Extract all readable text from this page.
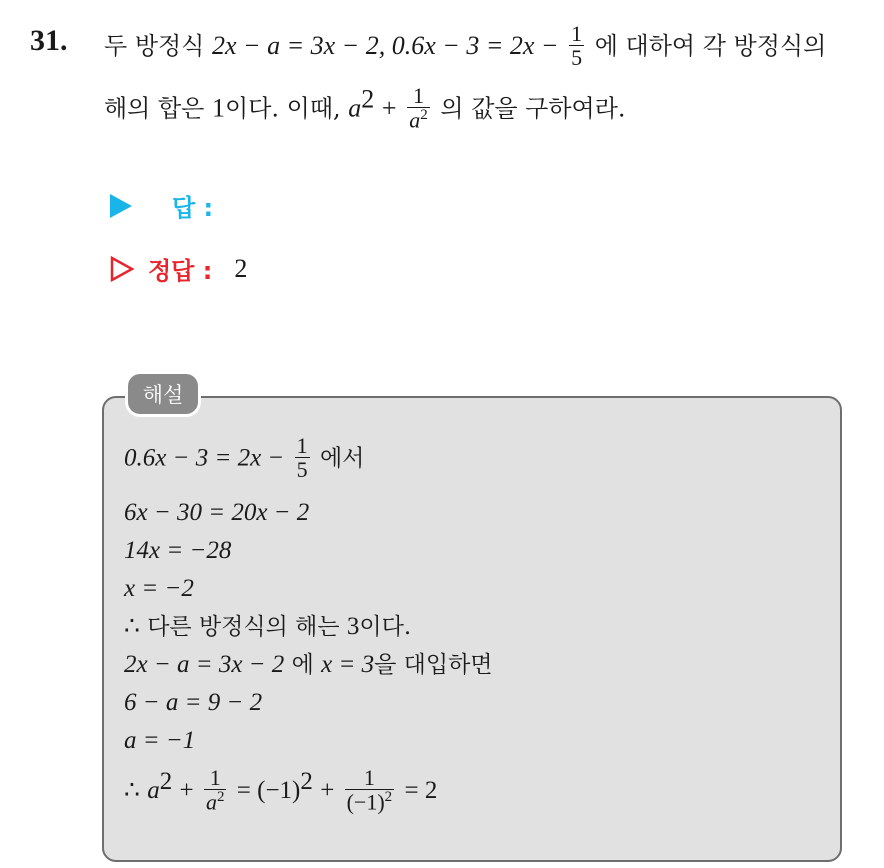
31. 두 방정식 2x − a = 3x − 2, $0.6x - 3 = 2x - \frac{1}{5}$ 에 대하여 각 방정식의
해의 합은 1이다. 이때, $a^2 + \frac{1}{a^2}$ 의 값을 구하여라.
답 :
정답 : 2
해설
$0.6x - 3 = 2x - \frac{1}{5}$ 에서
6x − 30 = 20x − 2
14x = −28
x = −2
∴ 다른 방정식의 해는 3이다.
2x − a = 3x − 2 에 x = 3을 대입하면
6 − a = 9 − 2
a = −1
∴ $a^2 + \frac{1}{a^2} = (-1)^2 + \frac{1}{(-1)^2} = 2$
